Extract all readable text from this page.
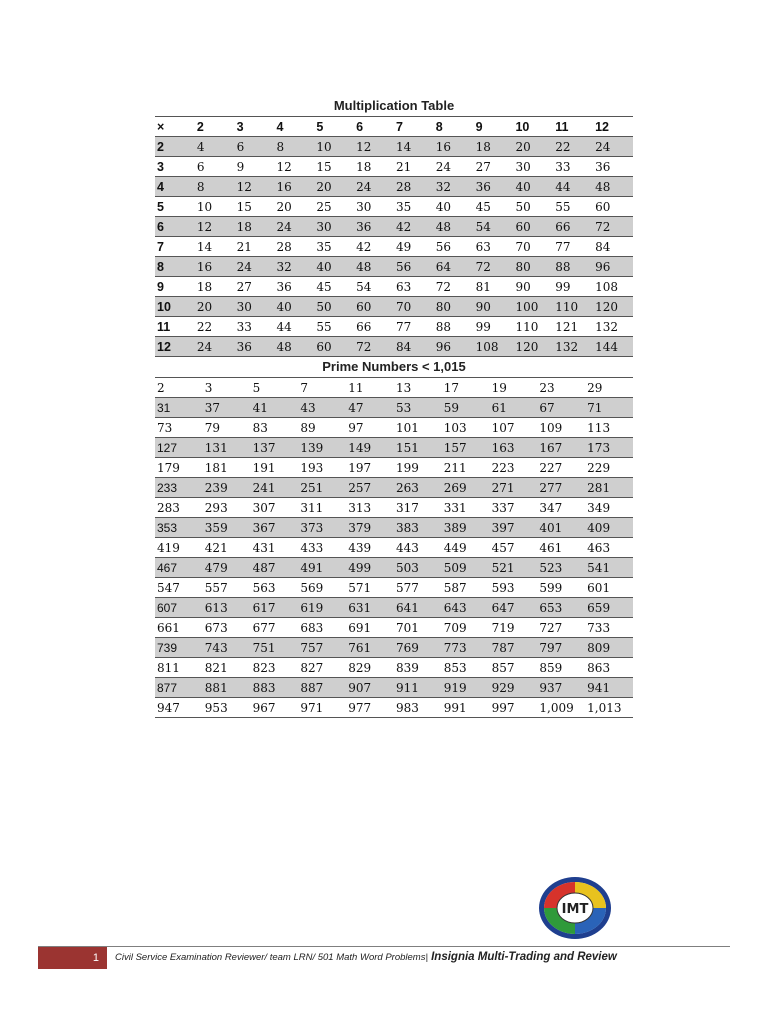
Multiplication Table
×	2	3	4	5	6	7	8	9	10	11	12
2	4	6	8	10	12	14	16	18	20	22	24
3	6	9	12	15	18	21	24	27	30	33	36
4	8	12	16	20	24	28	32	36	40	44	48
5	10	15	20	25	30	35	40	45	50	55	60
6	12	18	24	30	36	42	48	54	60	66	72
7	14	21	28	35	42	49	56	63	70	77	84
8	16	24	32	40	48	56	64	72	80	88	96
9	18	27	36	45	54	63	72	81	90	99	108
10	20	30	40	50	60	70	80	90	100	110	120
11	22	33	44	55	66	77	88	99	110	121	132
12	24	36	48	60	72	84	96	108	120	132	144
Prime Numbers < 1,015
2	3	5	7	11	13	17	19	23	29
31	37	41	43	47	53	59	61	67	71
73	79	83	89	97	101	103	107	109	113
127	131	137	139	149	151	157	163	167	173
179	181	191	193	197	199	211	223	227	229
233	239	241	251	257	263	269	271	277	281
283	293	307	311	313	317	331	337	347	349
353	359	367	373	379	383	389	397	401	409
419	421	431	433	439	443	449	457	461	463
467	479	487	491	499	503	509	521	523	541
547	557	563	569	571	577	587	593	599	601
607	613	617	619	631	641	643	647	653	659
661	673	677	683	691	701	709	719	727	733
739	743	751	757	761	769	773	787	797	809
811	821	823	827	829	839	853	857	859	863
877	881	883	887	907	911	919	929	937	941
947	953	967	971	977	983	991	997	1,009	1,013
IMT
1	Civil Service Examination Reviewer/ team LRN/ 501 Math Word Problems| Insignia Multi-Trading and Review
